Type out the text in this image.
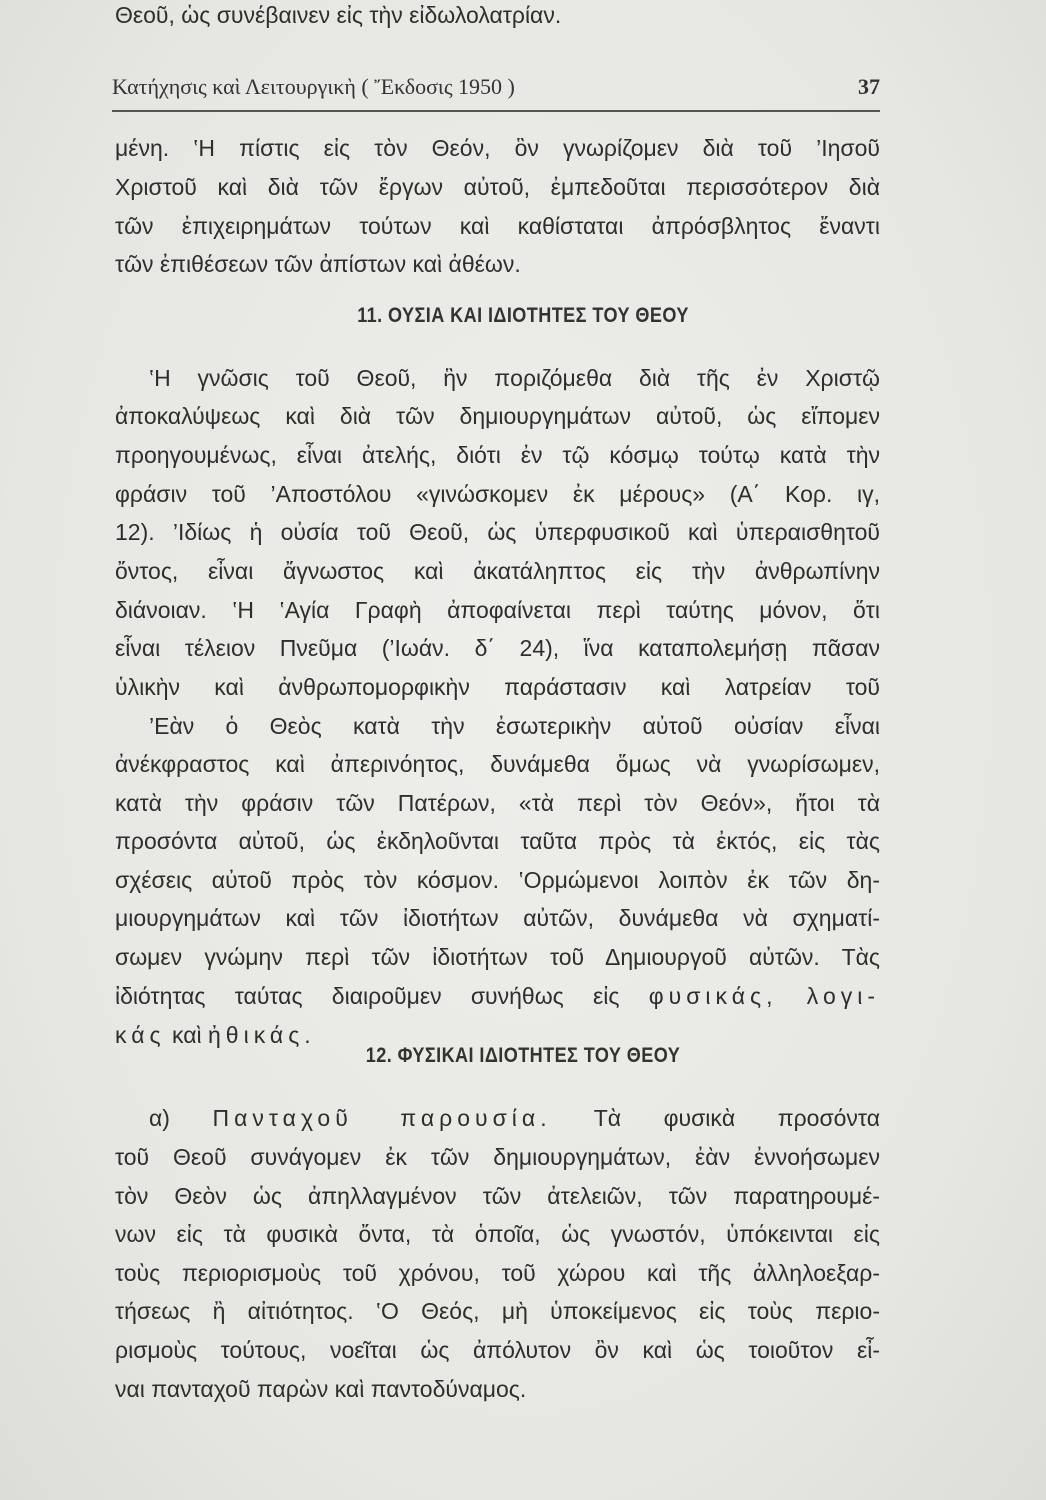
Κατήχησις καὶ Λειτουργικὴ ( Ἔκδοσις 1950 )	37
μένη. ‛Η πίστις εἰς τὸν Θεόν, ὃν γνωρίζομεν διὰ τοῦ ’Ιησοῦ
Χριστοῦ καὶ διὰ τῶν ἔργων αὐτοῦ, ἐμπεδοῦται περισσότερον διὰ
τῶν ἐπιχειρημάτων τούτων καὶ καθίσταται ἀπρόσβλητος ἔναντι
τῶν ἐπιθέσεων τῶν ἀπίστων καὶ ἀθέων.
11. ΟΥΣΙΑ ΚΑΙ ΙΔΙΟΤΗΤΕΣ ΤΟΥ ΘΕΟΥ
‛Η γνῶσις τοῦ Θεοῦ, ἣν πoριζόμεθα διὰ τῆς ἐν Χριστῷ
ἀποκαλύψεως καὶ διὰ τῶν δημιουργημάτων αὐτοῦ, ὡς εἴπομεν
προηγουμένως, εἶναι ἀτελής, διότι ἐν τῷ κόσμῳ τούτῳ κατὰ τὴν
φράσιν τοῦ ’Αποστόλου «γινώσκομεν ἐκ μέρους» (Α΄ Κορ. ιγ,
12). ’Ιδίως ἡ οὐσία τοῦ Θεοῦ, ὡς ὑπερφυσικοῦ καὶ ὑπεραισθητοῦ
ὄντος, εἶναι ἄγνωστος καὶ ἀκατάληπτος εἰς τὴν ἀνθρωπίνην
διάνοιαν. ‛Η ‛Αγία Γραφὴ ἀποφαίνεται περὶ ταύτης μόνον, ὅτι
εἶναι τέλειον Πνεῦμα (’Ιωάν. δ΄ 24), ἵνα καταπολεμήσῃ πᾶσαν
ὑλικὴν καὶ ἀνθρωπομορφικὴν παράστασιν καὶ λατρείαν τοῦ
Θεοῦ, ὡς συνέβαινεν εἰς τὴν εἰδωλολατρίαν.
’Εὰν ὁ Θεὸς κατὰ τὴν ἐσωτερικὴν αὐτοῦ οὐσίαν εἶναι
ἀνέκφραστος καὶ ἀπερινόητος, δυνάμεθα ὅμως νὰ γνωρίσωμεν,
κατὰ τὴν φράσιν τῶν Πατέρων, «τὰ περὶ τὸν Θεόν», ἤτοι τὰ
προσόντα αὐτοῦ, ὡς ἐκδηλοῦνται ταῦτα πρὸς τὰ ἐκτός, εἰς τὰς
σχέσεις αὐτοῦ πρὸς τὸν κόσμον. ‛Ορμώμενοι λοιπὸν ἐκ τῶν δη-
μιουργημάτων καὶ τῶν ἰδιοτήτων αὐτῶν, δυνάμεθα νὰ σχηματί-
σωμεν γνώμην περὶ τῶν ἰδιοτήτων τοῦ Δημιουργοῦ αὐτῶν. Τὰς
ἰδιότητας ταύτας διαιροῦμεν συνήθως εἰς φυσικάς, λογι-
κάς καὶ ἠθικάς.
12. ΦΥΣΙΚΑΙ ΙΔΙΟΤΗΤΕΣ ΤΟΥ ΘΕΟΥ
α) Πανταχοῦ παρουσία. Τὰ φυσικὰ προσόντα
τοῦ Θεοῦ συνάγομεν ἐκ τῶν δημιουργημάτων, ἐὰν ἐννοήσωμεν
τὸν Θεὸν ὡς ἀπηλλαγμένον τῶν ἀτελειῶν, τῶν παρατηρουμέ-
νων εἰς τὰ φυσικὰ ὄντα, τὰ ὁποῖα, ὡς γνωστόν, ὑπόκεινται εἰς
τοὺς περιορισμοὺς τοῦ χρόνου, τοῦ χώρου καὶ τῆς ἀλληλοεξαρ-
τήσεως ἢ αἰτιότητος. ‛Ο Θεός, μὴ ὑποκείμενος εἰς τοὺς περιο-
ρισμοὺς τούτους, νοεῖται ὡς ἀπόλυτον ὂν καὶ ὡς τοιοῦτον εἶ-
ναι πανταχοῦ παρὼν καὶ παντοδύναμος.
